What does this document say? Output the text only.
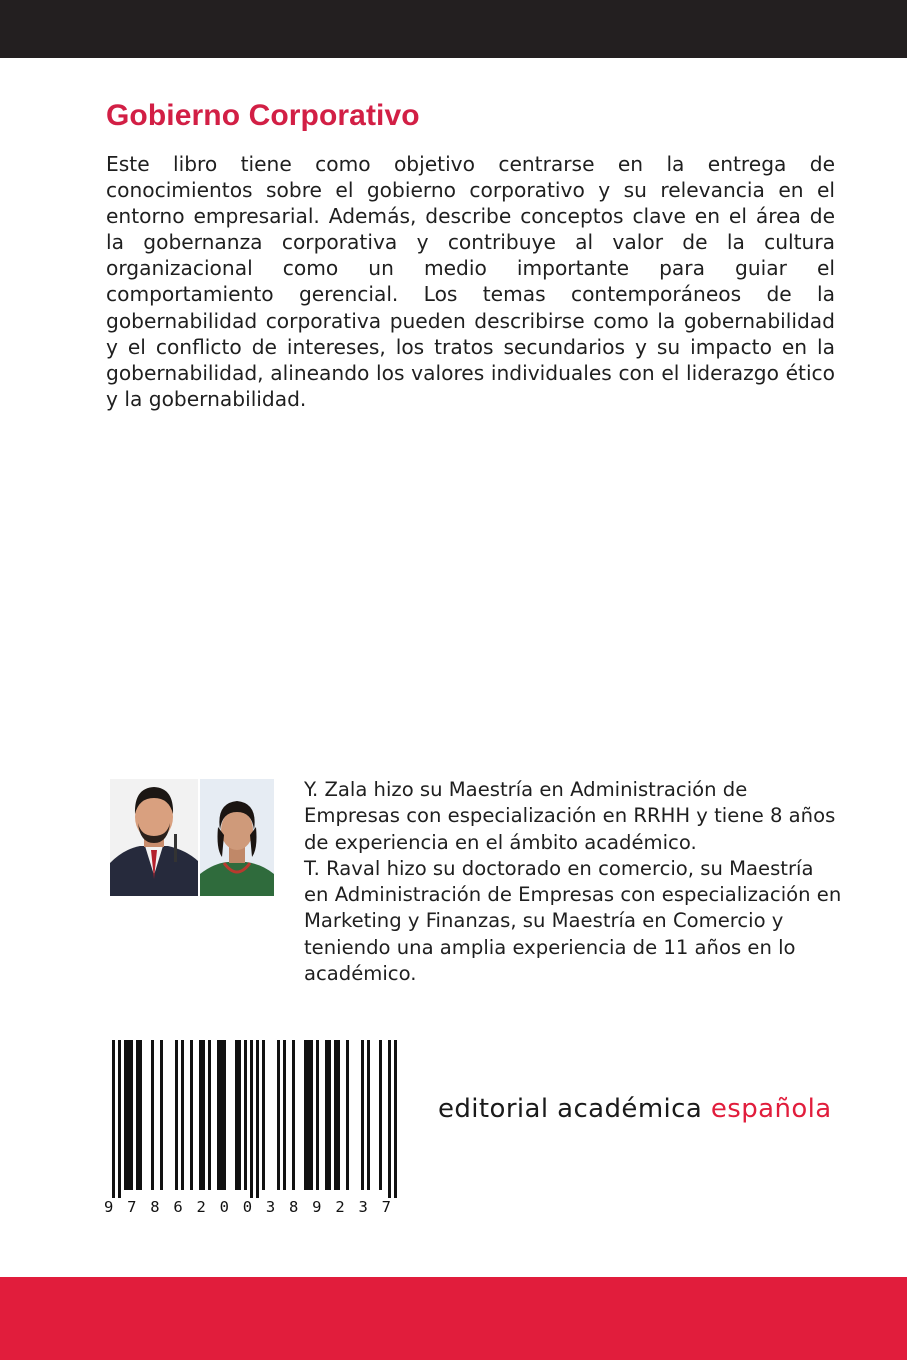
Gobierno Corporativo

Este libro tiene como objetivo centrarse en la entrega de conocimientos sobre el gobierno corporativo y su relevancia en el entorno empresarial. Además, describe conceptos clave en el área de la gobernanza corporativa y contribuye al valor de la cultura organizacional como un medio importante para guiar el comportamiento gerencial. Los temas contemporáneos de la gobernabilidad corporativa pueden describirse como la gobernabilidad y el conflicto de intereses, los tratos secundarios y su impacto en la gobernabilidad, alineando los valores individuales con el liderazgo ético y la gobernabilidad.

Y. Zala hizo su Maestría en Administración de Empresas con especialización en RRHH y tiene 8 años de experiencia en el ámbito académico.

T. Raval hizo su doctorado en comercio, su Maestría en Administración de Empresas con especialización en Marketing y Finanzas, su Maestría en Comercio y teniendo una amplia experiencia de 11 años en lo académico.

9786200389237

editorial académica española
